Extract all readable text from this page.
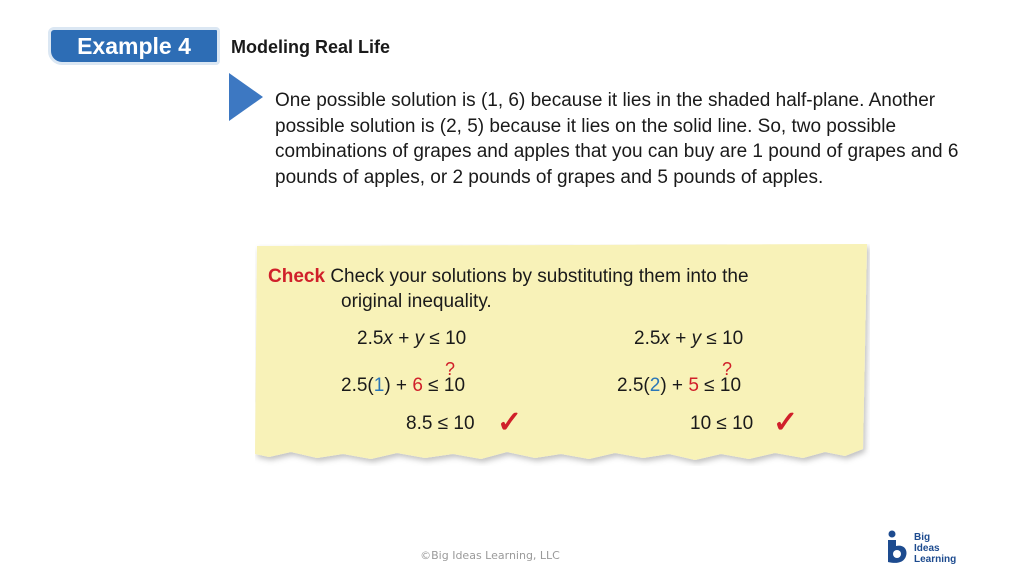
Example 4	Modeling Real Life
One possible solution is (1, 6) because it lies in the shaded half-plane. Another possible solution is (2, 5) because it lies on the solid line. So, two possible combinations of grapes and apples that you can buy are 1 pound of grapes and 6 pounds of apples, or 2 pounds of grapes and 5 pounds of apples.
Check Check your solutions by substituting them into the
original inequality.
2.5x + y ≤ 10
?
2.5(1) + 6 ≤ 10
8.5 ≤ 10 ✓
2.5x + y ≤ 10
?
2.5(2) + 5 ≤ 10
10 ≤ 10 ✓
©Big Ideas Learning, LLC
Big
Ideas
Learning
